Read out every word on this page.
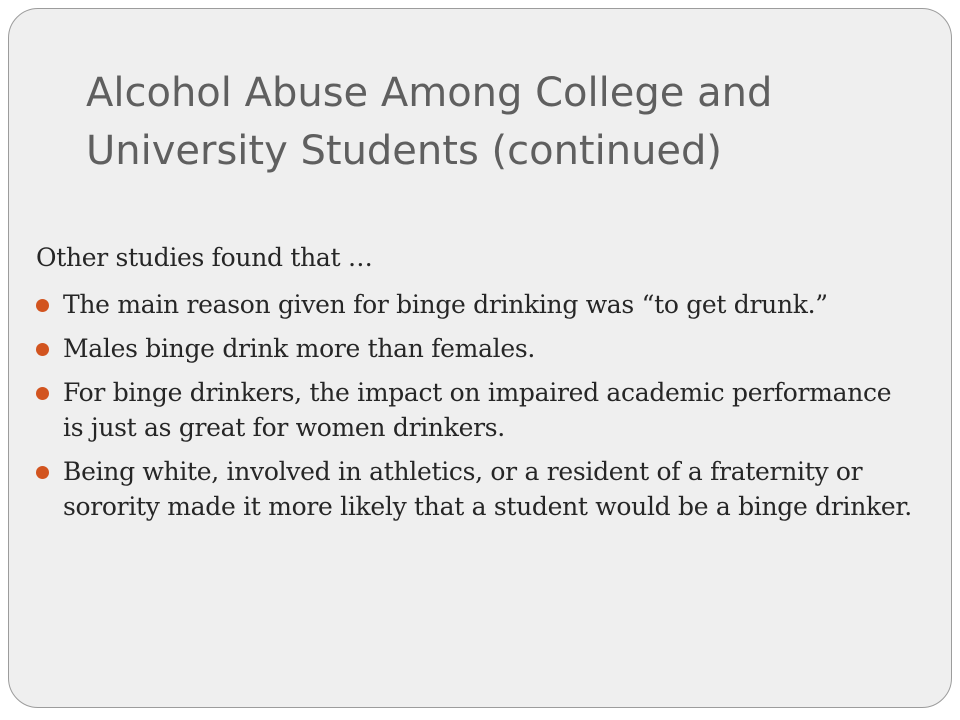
Alcohol Abuse Among College and University Students (continued)

Other studies found that …

The main reason given for binge drinking was “to get drunk.”
Males binge drink more than females.
For binge drinkers, the impact on impaired academic performance is just as great for women drinkers.
Being white, involved in athletics, or a resident of a fraternity or sorority made it more likely that a student would be a binge drinker.
